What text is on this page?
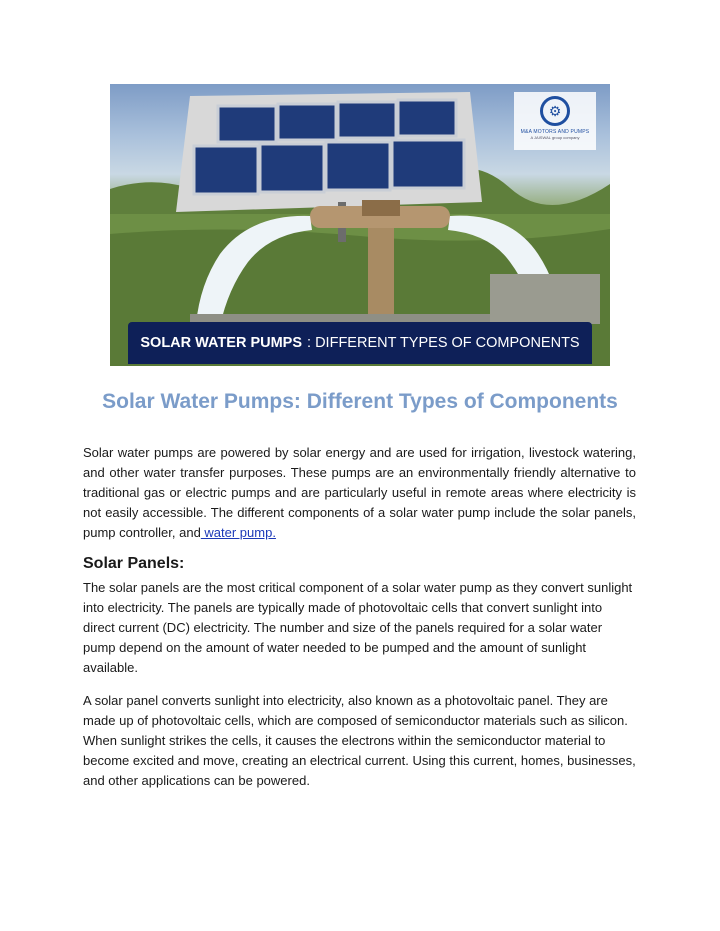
⚙
M&A MOTORS AND PUMPS
A JAISWAL group company
SOLAR WATER PUMPS : DIFFERENT TYPES OF COMPONENTS
Solar Water Pumps: Different Types of Components

Solar water pumps are powered by solar energy and are used for irrigation, livestock watering, and other water transfer purposes. These pumps are an environmentally friendly alternative to traditional gas or electric pumps and are particularly useful in remote areas where electricity is not easily accessible. The different components of a solar water pump include the solar panels, pump controller, and water pump.

Solar Panels:

The solar panels are the most critical component of a solar water pump as they convert sunlight into electricity. The panels are typically made of photovoltaic cells that convert sunlight into direct current (DC) electricity. The number and size of the panels required for a solar water pump depend on the amount of water needed to be pumped and the amount of sunlight available.

A solar panel converts sunlight into electricity, also known as a photovoltaic panel. They are made up of photovoltaic cells, which are composed of semiconductor materials such as silicon. When sunlight strikes the cells, it causes the electrons within the semiconductor material to become excited and move, creating an electrical current. Using this current, homes, businesses, and other applications can be powered.
